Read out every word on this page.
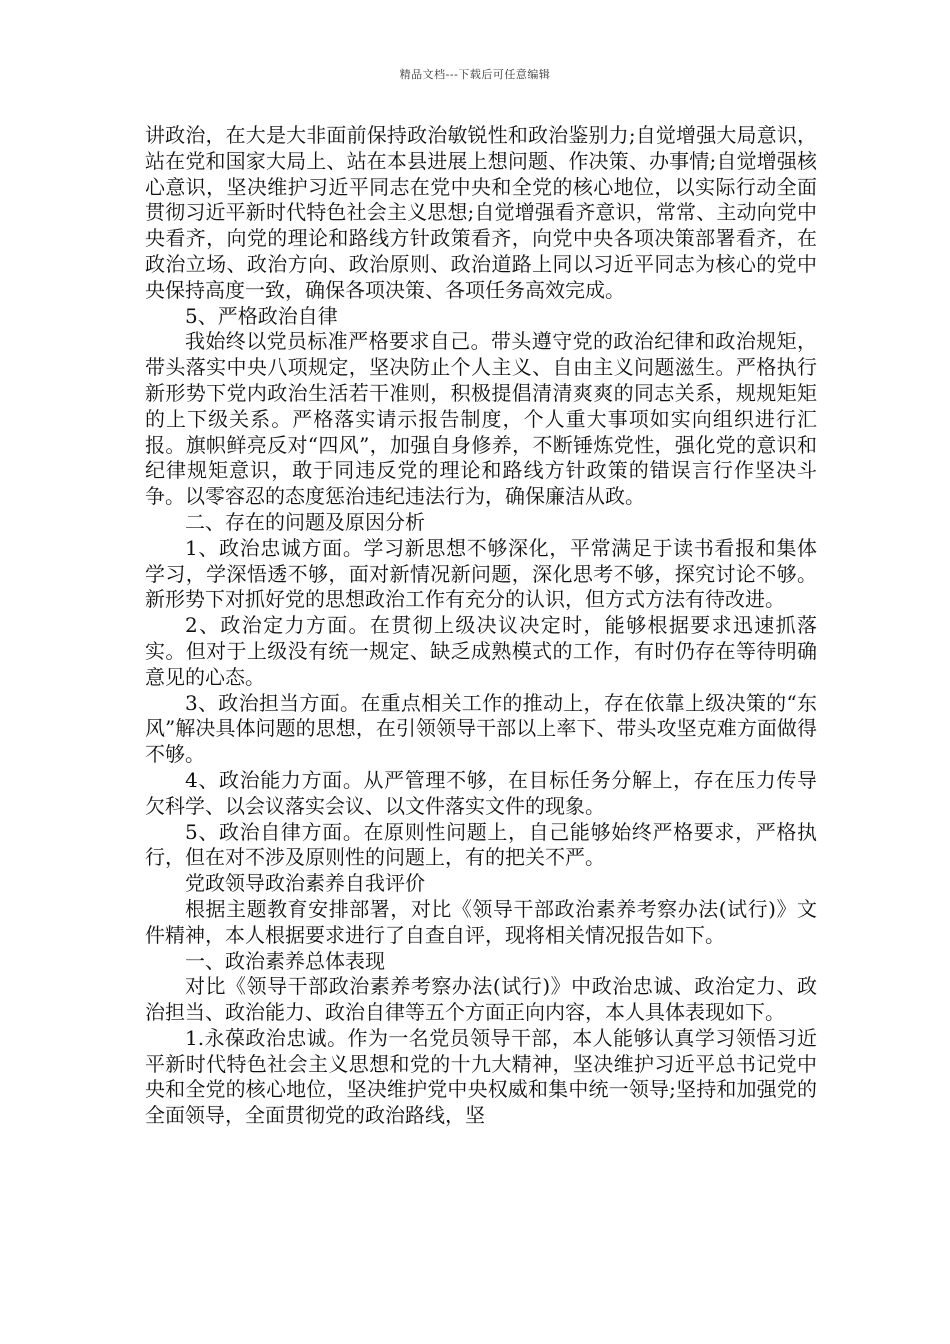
精品文档---下载后可任意编辑

讲政治，在大是大非面前保持政治敏锐性和政治鉴别力;自觉增强大局意识，站在党和国家大局上、站在本县进展上想问题、作决策、办事情;自觉增强核心意识，坚决维护习近平同志在党中央和全党的核心地位，以实际行动全面贯彻习近平新时代特色社会主义思想;自觉增强看齐意识，常常、主动向党中央看齐，向党的理论和路线方针政策看齐，向党中央各项决策部署看齐，在政治立场、政治方向、政治原则、政治道路上同以习近平同志为核心的党中央保持高度一致，确保各项决策、各项任务高效完成。

5、严格政治自律

我始终以党员标准严格要求自己。带头遵守党的政治纪律和政治规矩，带头落实中央八项规定，坚决防止个人主义、自由主义问题滋生。严格执行新形势下党内政治生活若干准则，积极提倡清清爽爽的同志关系，规规矩矩的上下级关系。严格落实请示报告制度，个人重大事项如实向组织进行汇报。旗帜鲜亮反对“四风”，加强自身修养，不断锤炼党性，强化党的意识和纪律规矩意识，敢于同违反党的理论和路线方针政策的错误言行作坚决斗争。以零容忍的态度惩治违纪违法行为，确保廉洁从政。

二、存在的问题及原因分析

1、政治忠诚方面。学习新思想不够深化，平常满足于读书看报和集体学习，学深悟透不够，面对新情况新问题，深化思考不够，探究讨论不够。新形势下对抓好党的思想政治工作有充分的认识，但方式方法有待改进。

2、政治定力方面。在贯彻上级决议决定时，能够根据要求迅速抓落实。但对于上级没有统一规定、缺乏成熟模式的工作，有时仍存在等待明确意见的心态。

3、政治担当方面。在重点相关工作的推动上，存在依靠上级决策的“东风”解决具体问题的思想，在引领领导干部以上率下、带头攻坚克难方面做得不够。

4、政治能力方面。从严管理不够，在目标任务分解上，存在压力传导欠科学、以会议落实会议、以文件落实文件的现象。

5、政治自律方面。在原则性问题上，自己能够始终严格要求，严格执行，但在对不涉及原则性的问题上，有的把关不严。

党政领导政治素养自我评价

根据主题教育安排部署，对比《领导干部政治素养考察办法(试行)》文件精神，本人根据要求进行了自查自评，现将相关情况报告如下。

一、政治素养总体表现

对比《领导干部政治素养考察办法(试行)》中政治忠诚、政治定力、政治担当、政治能力、政治自律等五个方面正向内容，本人具体表现如下。

1.永葆政治忠诚。作为一名党员领导干部，本人能够认真学习领悟习近平新时代特色社会主义思想和党的十九大精神，坚决维护习近平总书记党中央和全党的核心地位，坚决维护党中央权威和集中统一领导;坚持和加强党的全面领导，全面贯彻党的政治路线，坚
